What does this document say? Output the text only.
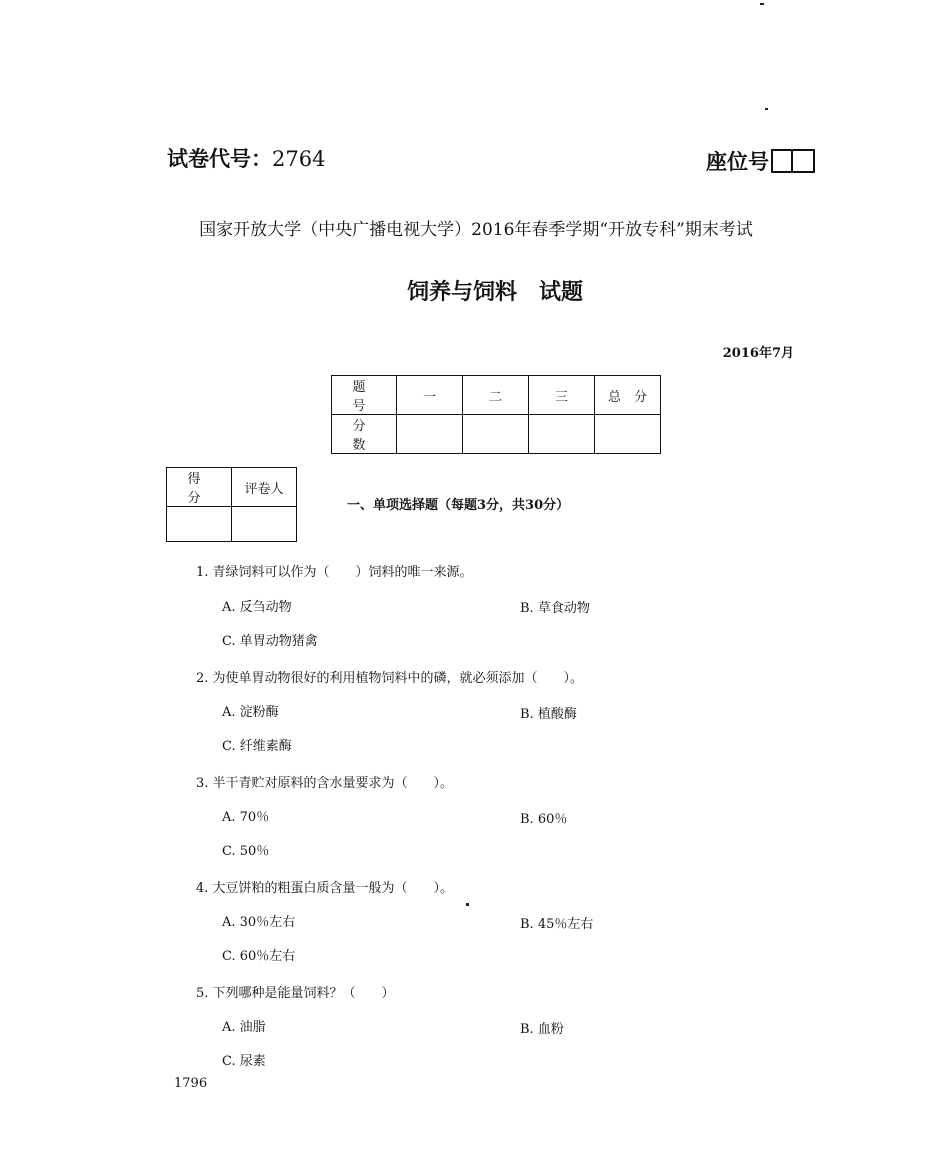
试卷代号：2764	座位号
国家开放大学（中央广播电视大学）2016年春季学期“开放专科”期末考试
饲养与饲料　试题
2016年7月
题　号	一	二	三	总　分
分　数				
得　分	评卷人

一、单项选择题（每题3分，共30分）
1. 青绿饲料可以作为（　　）饲料的唯一来源。
A. 反刍动物	B. 草食动物
C. 单胃动物猪禽
2. 为使单胃动物很好的利用植物饲料中的磷，就必须添加（　　）。
A. 淀粉酶	B. 植酸酶
C. 纤维素酶
3. 半干青贮对原料的含水量要求为（　　）。
A. 70％	B. 60％
C. 50％
4. 大豆饼粕的粗蛋白质含量一般为（　　）。
A. 30％左右	B. 45％左右
C. 60％左右
5. 下列哪种是能量饲料？（　　）
A. 油脂	B. 血粉
C. 尿素
1796
